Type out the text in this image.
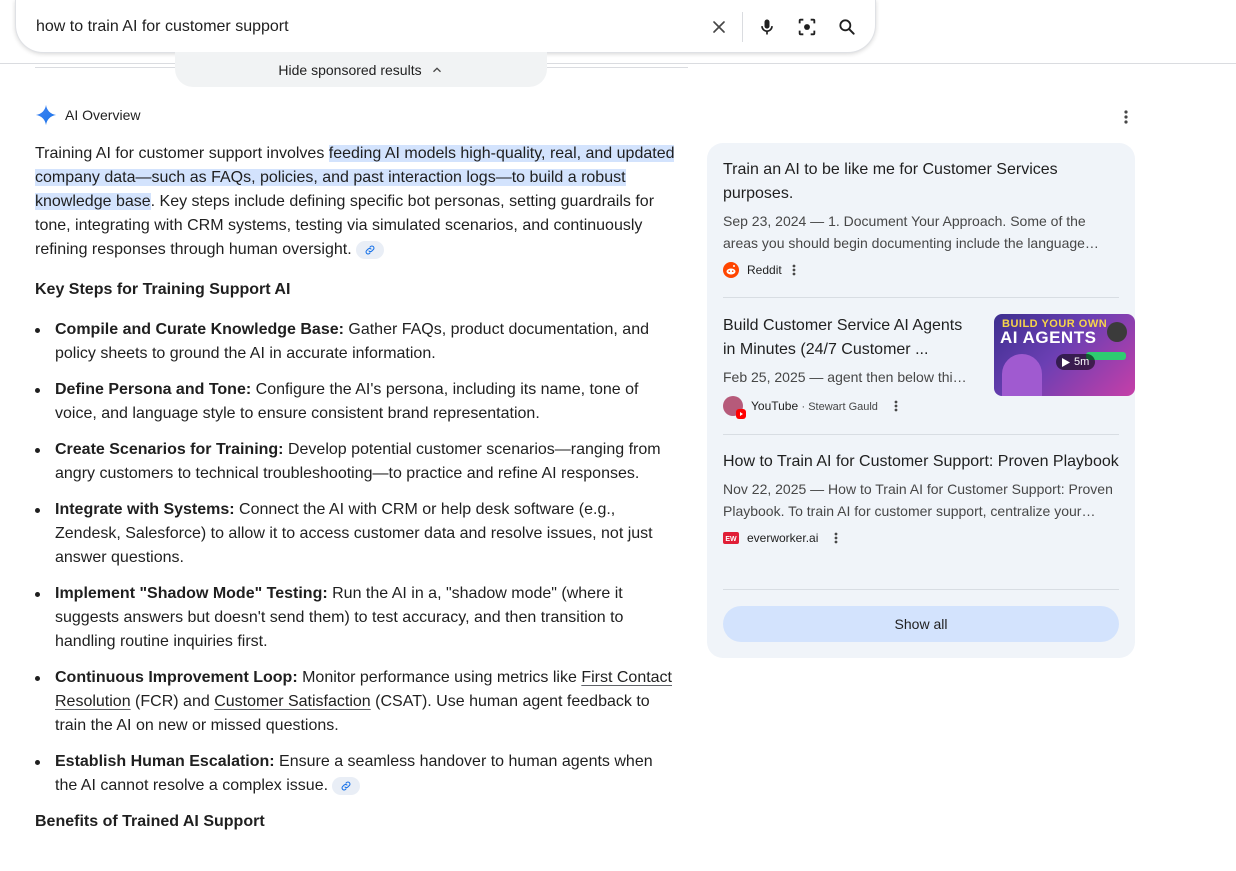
how to train AI for customer support
Hide sponsored results
AI Overview

Training AI for customer support involves feeding AI models high-quality, real, and updated company data—such as FAQs, policies, and past interaction logs—to build a robust knowledge base. Key steps include defining specific bot personas, setting guardrails for tone, integrating with CRM systems, testing via simulated scenarios, and continuously refining responses through human oversight.

Key Steps for Training Support AI

Compile and Curate Knowledge Base: Gather FAQs, product documentation, and policy sheets to ground the AI in accurate information.
Define Persona and Tone: Configure the AI's persona, including its name, tone of voice, and language style to ensure consistent brand representation.
Create Scenarios for Training: Develop potential customer scenarios—ranging from angry customers to technical troubleshooting—to practice and refine AI responses.
Integrate with Systems: Connect the AI with CRM or help desk software (e.g., Zendesk, Salesforce) to allow it to access customer data and resolve issues, not just answer questions.
Implement "Shadow Mode" Testing: Run the AI in a, "shadow mode" (where it suggests answers but doesn't send them) to test accuracy, and then transition to handling routine inquiries first.
Continuous Improvement Loop: Monitor performance using metrics like First Contact Resolution (FCR) and Customer Satisfaction (CSAT). Use human agent feedback to train the AI on new or missed questions.
Establish Human Escalation: Ensure a seamless handover to human agents when the AI cannot resolve a complex issue.

Benefits of Trained AI Support

Train an AI to be like me for Customer Services purposes.
Sep 23, 2024 — 1. Document Your Approach. Some of the areas you should begin documenting include the language…
Reddit
Build Customer Service AI Agents in Minutes (24/7 Customer ...
Feb 25, 2025 — agent then below thi…
YouTube · Stewart Gauld
BUILD YOUR OWN
AI AGENTS
5m
How to Train AI for Customer Support: Proven Playbook
Nov 22, 2025 — How to Train AI for Customer Support: Proven Playbook. To train AI for customer support, centralize your…
EW everworker.ai
Show all
